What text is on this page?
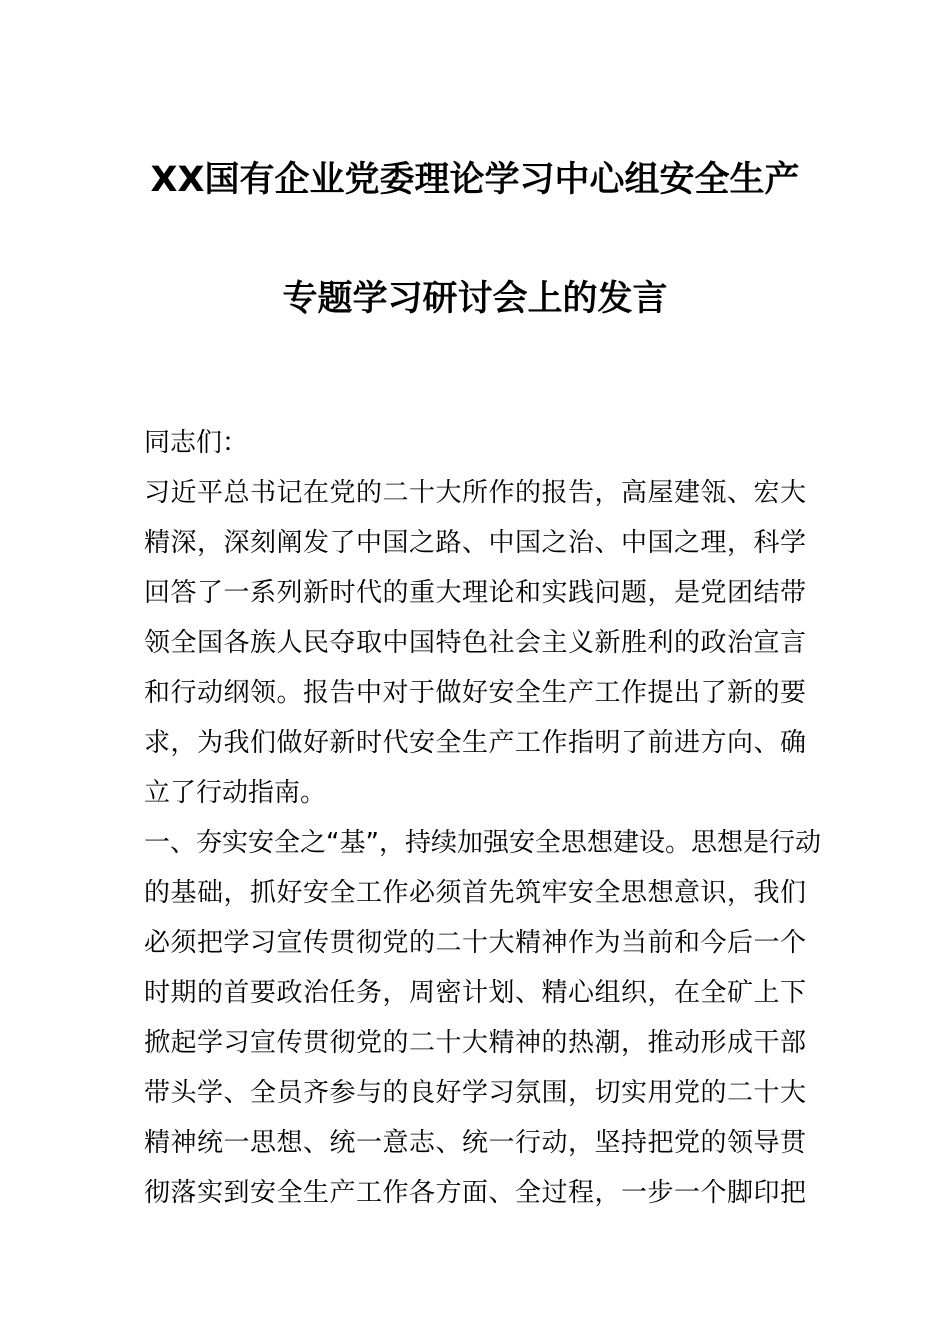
XX国有企业党委理论学习中心组安全生产
专题学习研讨会上的发言
同志们：
习近平总书记在党的二十大所作的报告，高屋建瓴、宏大
精深，深刻阐发了中国之路、中国之治、中国之理，科学
回答了一系列新时代的重大理论和实践问题，是党团结带
领全国各族人民夺取中国特色社会主义新胜利的政治宣言
和行动纲领。报告中对于做好安全生产工作提出了新的要
求，为我们做好新时代安全生产工作指明了前进方向、确
立了行动指南。
一、夯实安全之“基”，持续加强安全思想建设。思想是行动
的基础，抓好安全工作必须首先筑牢安全思想意识，我们
必须把学习宣传贯彻党的二十大精神作为当前和今后一个
时期的首要政治任务，周密计划、精心组织，在全矿上下
掀起学习宣传贯彻党的二十大精神的热潮，推动形成干部
带头学、全员齐参与的良好学习氛围，切实用党的二十大
精神统一思想、统一意志、统一行动，坚持把党的领导贯
彻落实到安全生产工作各方面、全过程，一步一个脚印把
